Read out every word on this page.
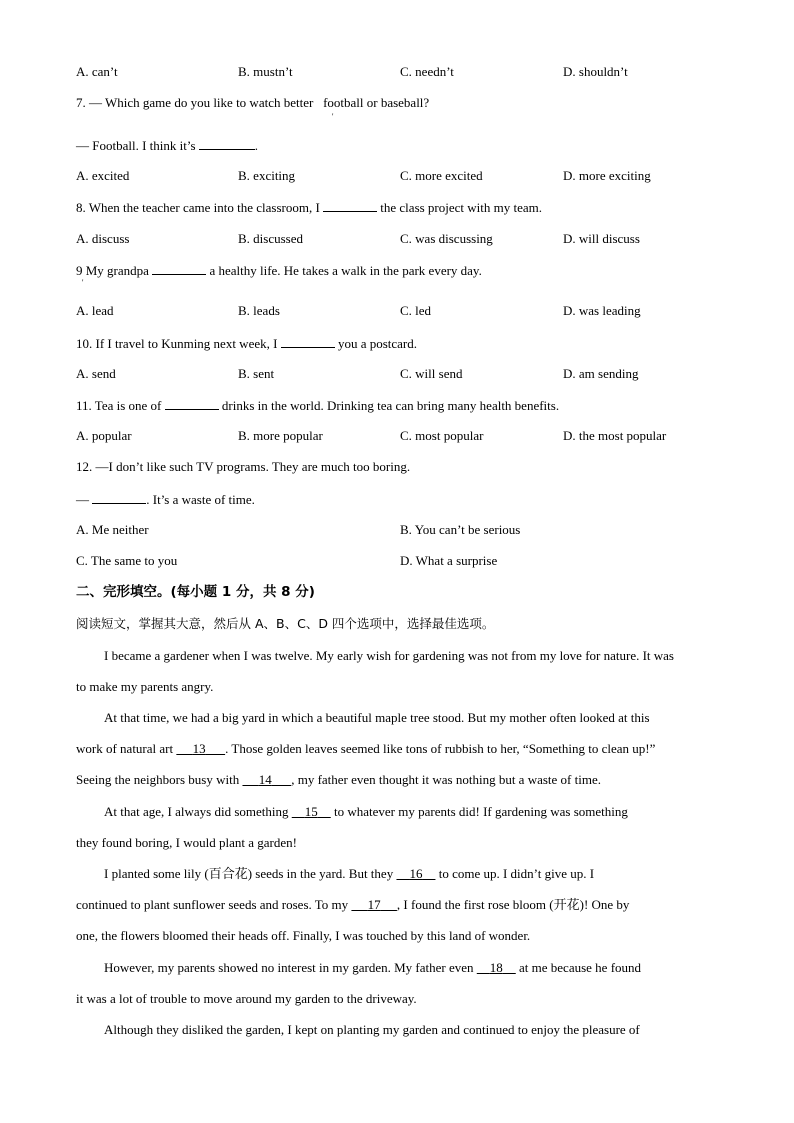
A. can’t	B. mustn’t	C. needn’t	D. shouldn’t
7. — Which game do you like to watch better football or baseball?
'
— Football. I think it’s	.
A. excited	B. exciting	C. more excited	D. more exciting
8. When the teacher came into the classroom, I	the class project with my team.
A. discuss	B. discussed	C. was discussing	D. will discuss
9 My grandpa	a healthy life. He takes a walk in the park every day.
'
A. lead	B. leads	C. led	D. was leading
10. If I travel to Kunming next week, I	you a postcard.
A. send	B. sent	C. will send	D. am sending
11. Tea is one of	drinks in the world. Drinking tea can bring many health benefits.
A. popular	B. more popular	C. most popular	D. the most popular
12. —I don’t like such TV programs. They are much too boring.
—	. It’s a waste of time.
A. Me neither	B. You can’t be serious
C. The same to you	D. What a surprise
二、完形填空。(每小题 1 分，共 8 分)
阅读短文，掌握其大意，然后从 A、B、C、D 四个选项中，选择最佳选项。
I became a gardener when I was twelve. My early wish for gardening was not from my love for nature. It was
to make my parents angry.
At that time, we had a big yard in which a beautiful maple tree stood. But my mother often looked at this
work of natural art 13 . Those golden leaves seemed like tons of rubbish to her, “Something to clean up!”
Seeing the neighbors busy with 14 , my father even thought it was nothing but a waste of time.
At that age, I always did something 15 to whatever my parents did! If gardening was something
they found boring, I would plant a garden!
I planted some lily (百合花) seeds in the yard. But they 16 to come up. I didn’t give up. I
continued to plant sunflower seeds and roses. To my 17 , I found the first rose bloom (开花)! One by
one, the flowers bloomed their heads off. Finally, I was touched by this land of wonder.
However, my parents showed no interest in my garden. My father even 18 at me because he found
it was a lot of trouble to move around my garden to the driveway.
Although they disliked the garden, I kept on planting my garden and continued to enjoy the pleasure of
